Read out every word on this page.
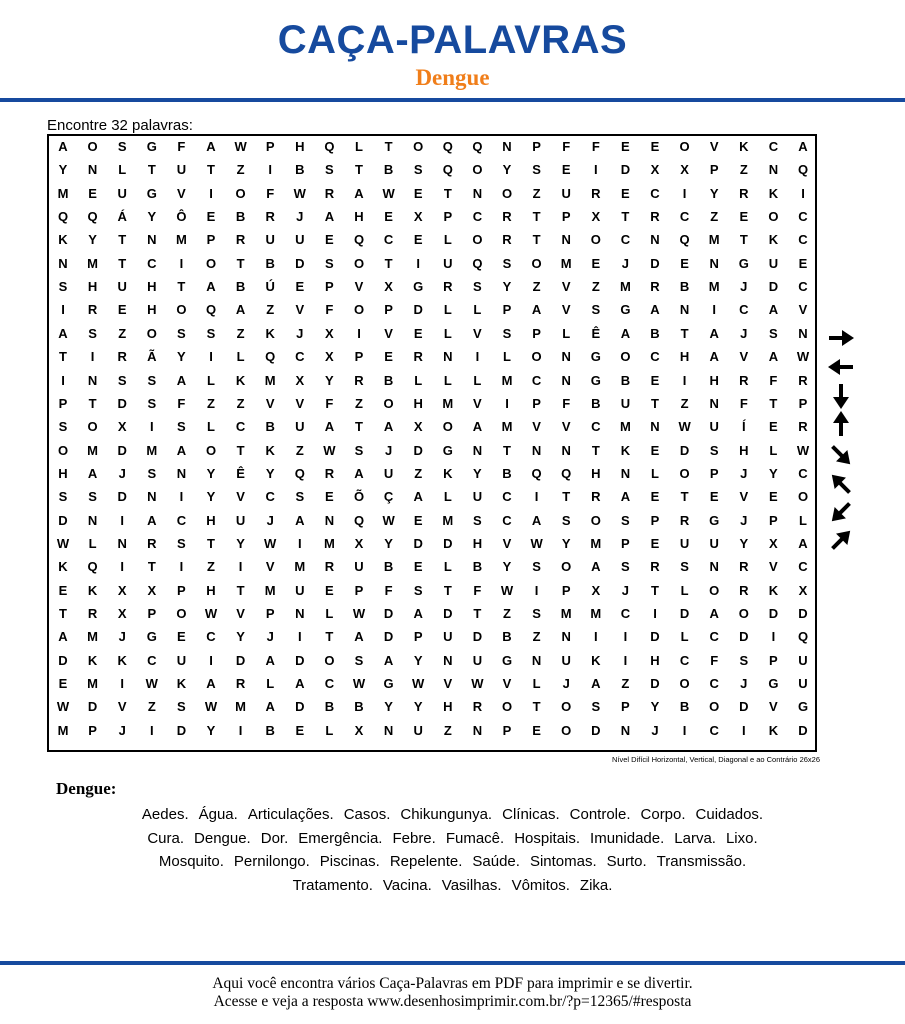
CAÇA-PALAVRAS
Dengue
Encontre 32 palavras:
A	O	S	G	F	A	W	P	H	Q	L	T	O	Q	Q	N	P	F	F	E	E	O	V	K	C	A
Y	N	L	T	U	T	Z	I	B	S	T	B	S	Q	O	Y	S	E	I	D	X	X	P	Z	N	Q
M	E	U	G	V	I	O	F	W	R	A	W	E	T	N	O	Z	U	R	E	C	I	Y	R	K	I
Q	Q	Á	Y	Ô	E	B	R	J	A	H	E	X	P	C	R	T	P	X	T	R	C	Z	E	O	C
K	Y	T	N	M	P	R	U	U	E	Q	C	E	L	O	R	T	N	O	C	N	Q	M	T	K	C
N	M	T	C	I	O	T	B	D	S	O	T	I	U	Q	S	O	M	E	J	D	E	N	G	U	E
S	H	U	H	T	A	B	Ú	E	P	V	X	G	R	S	Y	Z	V	Z	M	R	B	M	J	D	C
I	R	E	H	O	Q	A	Z	V	F	O	P	D	L	L	P	A	V	S	G	A	N	I	C	A	V
A	S	Z	O	S	S	Z	K	J	X	I	V	E	L	V	S	P	L	Ê	A	B	T	A	J	S	N
T	I	R	Ã	Y	I	L	Q	C	X	P	E	R	N	I	L	O	N	G	O	C	H	A	V	A	W
I	N	S	S	A	L	K	M	X	Y	R	B	L	L	L	M	C	N	G	B	E	I	H	R	F	R
P	T	D	S	F	Z	Z	V	V	F	Z	O	H	M	V	I	P	F	B	U	T	Z	N	F	T	P
S	O	X	I	S	L	C	B	U	A	T	A	X	O	A	M	V	V	C	M	N	W	U	Í	E	R
O	M	D	M	A	O	T	K	Z	W	S	J	D	G	N	T	N	N	T	K	E	D	S	H	L	W
H	A	J	S	N	Y	Ê	Y	Q	R	A	U	Z	K	Y	B	Q	Q	H	N	L	O	P	J	Y	C
S	S	D	N	I	Y	V	C	S	E	Õ	Ç	A	L	U	C	I	T	R	A	E	T	E	V	E	O
D	N	I	A	C	H	U	J	A	N	Q	W	E	M	S	C	A	S	O	S	P	R	G	J	P	L
W	L	N	R	S	T	Y	W	I	M	X	Y	D	D	H	V	W	Y	M	P	E	U	U	Y	X	A
K	Q	I	T	I	Z	I	V	M	R	U	B	E	L	B	Y	S	O	A	S	R	S	N	R	V	C
E	K	X	X	P	H	T	M	U	E	P	F	S	T	F	W	I	P	X	J	T	L	O	R	K	X
T	R	X	P	O	W	V	P	N	L	W	D	A	D	T	Z	S	M	M	C	I	D	A	O	D	D
A	M	J	G	E	C	Y	J	I	T	A	D	P	U	D	B	Z	N	I	I	D	L	C	D	I	Q
D	K	K	C	U	I	D	A	D	O	S	A	Y	N	U	G	N	U	K	I	H	C	F	S	P	U
E	M	I	W	K	A	R	L	A	C	W	G	W	V	W	V	L	J	A	Z	D	O	C	J	G	U
W	D	V	Z	S	W	M	A	D	B	B	Y	Y	H	R	O	T	O	S	P	Y	B	O	D	V	G
M	P	J	I	D	Y	I	B	E	L	X	N	U	Z	N	P	E	O	D	N	J	I	C	I	K	D
Nível Difícil Horizontal, Vertical, Diagonal e ao Contrário 26x26
Dengue:
Aedes. Água. Articulações. Casos. Chikungunya. Clínicas. Controle. Corpo. Cuidados.
Cura. Dengue. Dor. Emergência. Febre. Fumacê. Hospitais. Imunidade. Larva. Lixo.
Mosquito. Pernilongo. Piscinas. Repelente. Saúde. Sintomas. Surto. Transmissão.
Tratamento. Vacina. Vasilhas. Vômitos. Zika.
Aqui você encontra vários Caça-Palavras em PDF para imprimir e se divertir.
Acesse e veja a resposta www.desenhosimprimir.com.br/?p=12365/#resposta
